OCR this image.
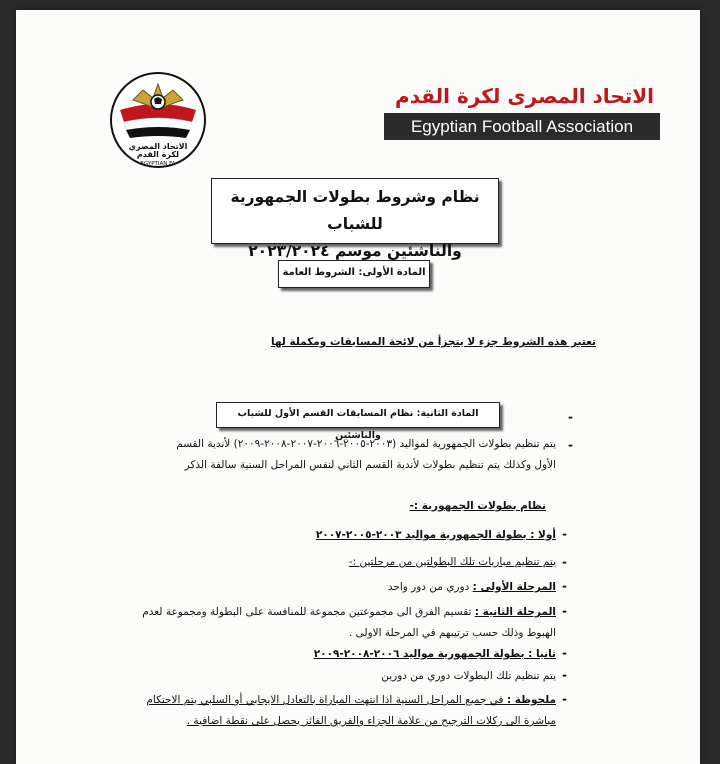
الاتحاد المصري
لكرة القدم
EGYPTIAN FA
الاتحاد المصرى لكرة القدم
Egyptian Football Association
نظام وشروط بطولات الجمهورية للشباب
والناشئين موسم ٢٠٢٣/٢٠٢٤
المادة الأولى: الشروط العامة
تعتبر هذه الشروط جزء لا يتجزأ من لائحة المسابقات ومكملة لها
المادة الثانية: نظام المسابقات القسم الأول للشباب والناشئين
-
-
يتم تنظيم بطولات الجمهورية لمواليد (٢٠٠٣-٢٠٠٥-٢٠٠٦-٢٠٠٧-٢٠٠٨-٢٠٠٩) لأندية القسم
الأول وكذلك يتم تنظيم بطولات لأندية القسم الثاني لنفس المراحل السنية سالفة الذكر
نظام بطولات الجمهورية :-
-
أولا : بطولة الجمهورية مواليد ٢٠٠٣-٢٠٠٥-٢٠٠٧
-
يتم تنظيم مباريات تلك البطولتين من مرحلتين :-
-
المرحلة الأولى : دوري من دور واحد
-
المرحلة الثانية : تقسيم الفرق الى مجموعتين مجموعة للمنافسة على البطولة ومجموعة لعدم
الهبوط وذلك حسب ترتيبهم في المرحلة الاولى .
-
ثانيا : بطولة الجمهورية مواليد ٢٠٠٦-٢٠٠٨-٢٠٠٩
-
يتم تنظيم تلك البطولات دوري من دورين
-
ملحوظة : في جميع المراحل السنية اذا انتهت المباراة بالتعادل الايجابي أو السلبي يتم الاحتكام
مباشرة الى ركلات الترجيح من علامة الجزاء والفريق الفائز يحصل على نقطة اضافية .
